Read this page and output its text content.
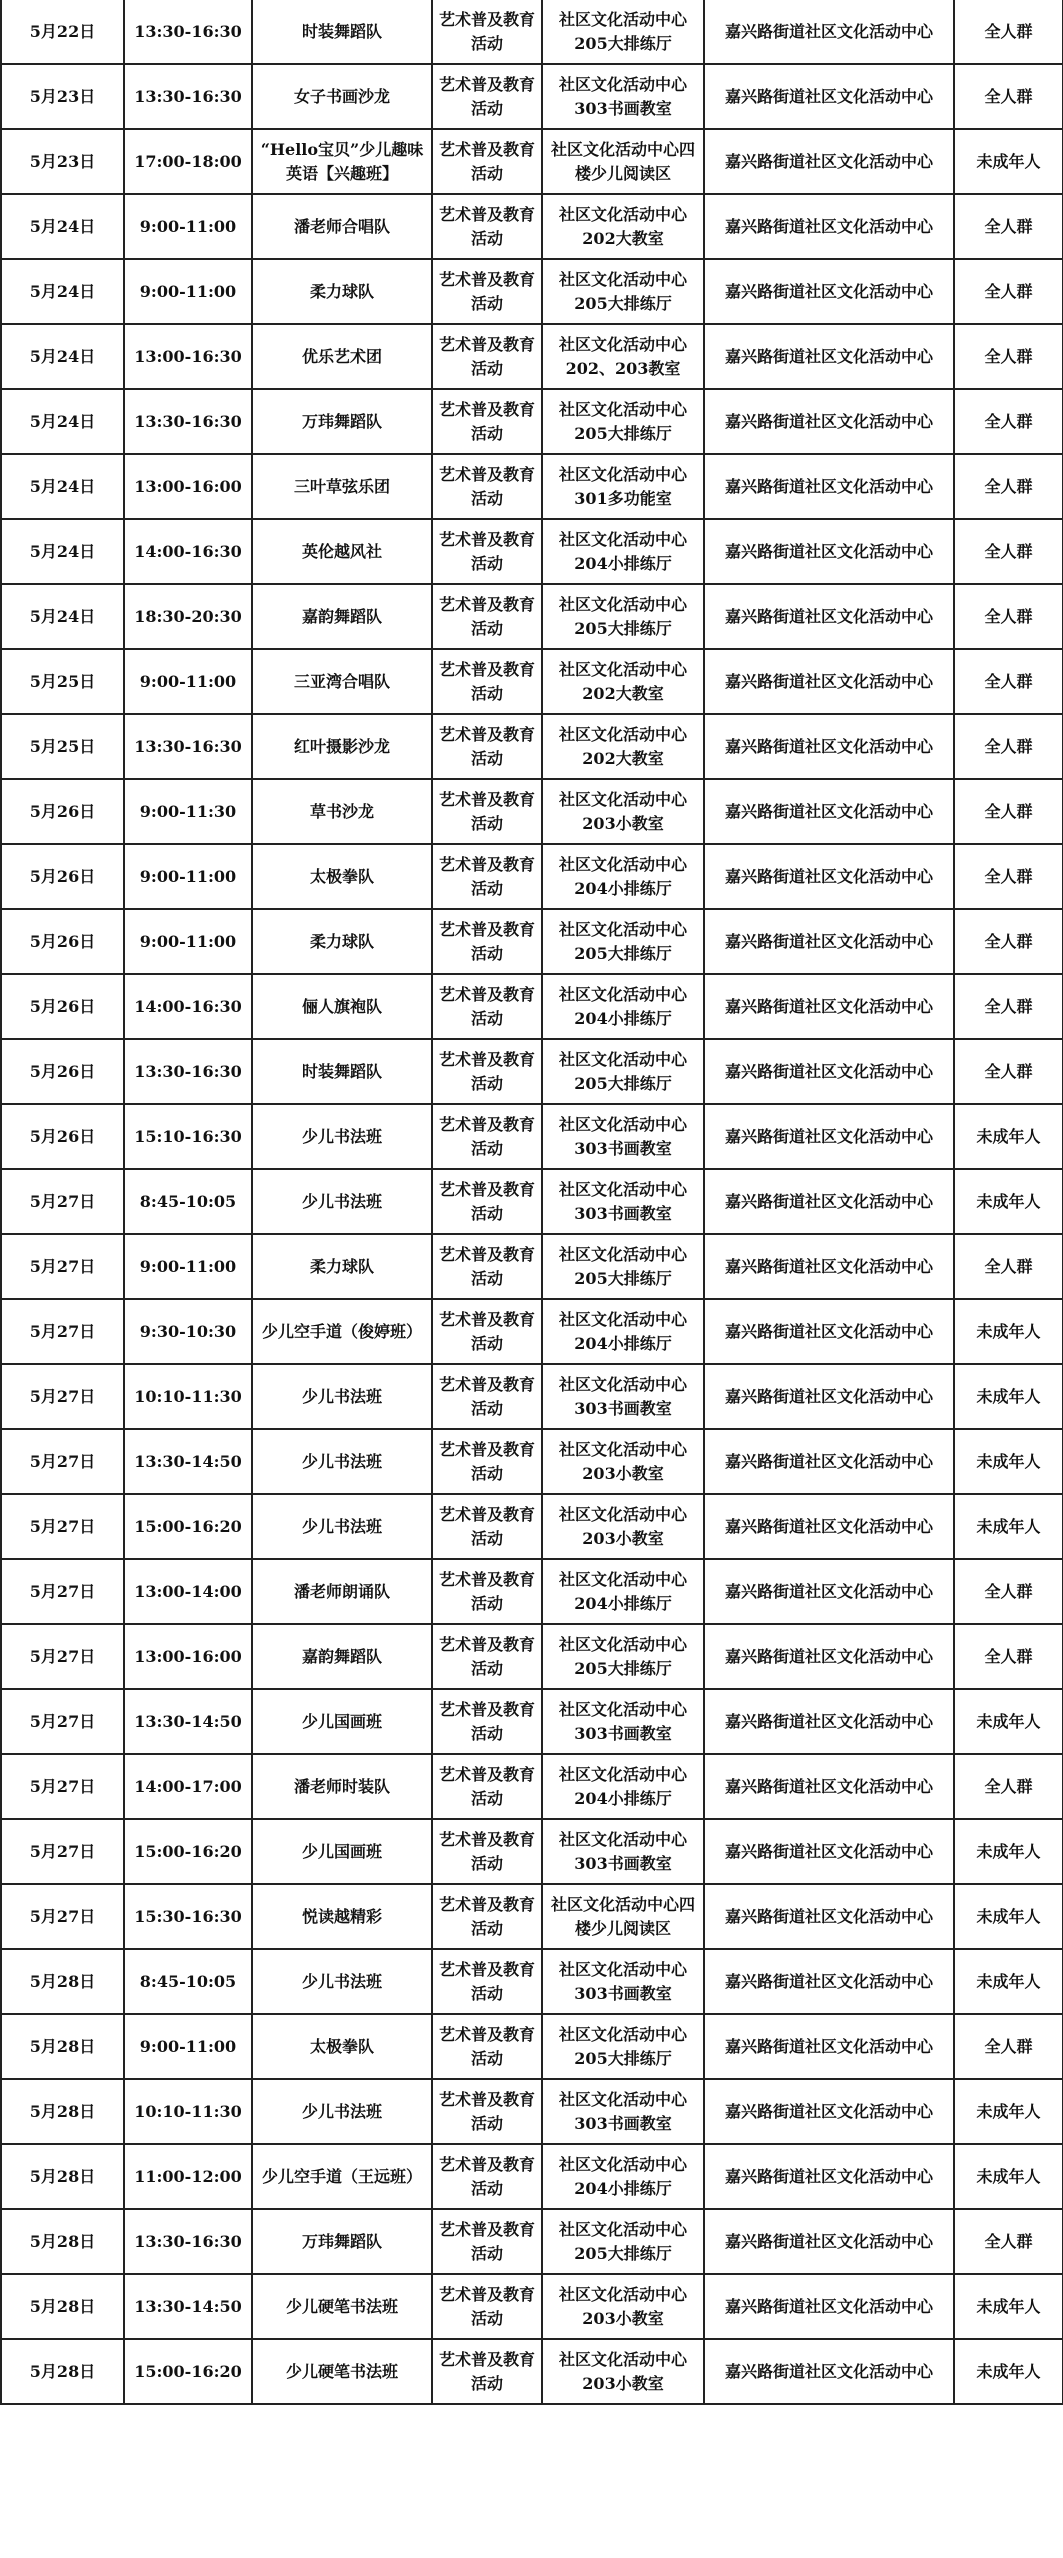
5月22日	13:30-16:30	时装舞蹈队	艺术普及教育活动	社区文化活动中心205大排练厅	嘉兴路街道社区文化活动中心	全人群
5月23日	13:30-16:30	女子书画沙龙	艺术普及教育活动	社区文化活动中心303书画教室	嘉兴路街道社区文化活动中心	全人群
5月23日	17:00-18:00	“Hello宝贝”少儿趣味英语【兴趣班】	艺术普及教育活动	社区文化活动中心四楼少儿阅读区	嘉兴路街道社区文化活动中心	未成年人
5月24日	9:00-11:00	潘老师合唱队	艺术普及教育活动	社区文化活动中心202大教室	嘉兴路街道社区文化活动中心	全人群
5月24日	9:00-11:00	柔力球队	艺术普及教育活动	社区文化活动中心205大排练厅	嘉兴路街道社区文化活动中心	全人群
5月24日	13:00-16:30	优乐艺术团	艺术普及教育活动	社区文化活动中心202、203教室	嘉兴路街道社区文化活动中心	全人群
5月24日	13:30-16:30	万玮舞蹈队	艺术普及教育活动	社区文化活动中心205大排练厅	嘉兴路街道社区文化活动中心	全人群
5月24日	13:00-16:00	三叶草弦乐团	艺术普及教育活动	社区文化活动中心301多功能室	嘉兴路街道社区文化活动中心	全人群
5月24日	14:00-16:30	英伦越风社	艺术普及教育活动	社区文化活动中心204小排练厅	嘉兴路街道社区文化活动中心	全人群
5月24日	18:30-20:30	嘉韵舞蹈队	艺术普及教育活动	社区文化活动中心205大排练厅	嘉兴路街道社区文化活动中心	全人群
5月25日	9:00-11:00	三亚湾合唱队	艺术普及教育活动	社区文化活动中心202大教室	嘉兴路街道社区文化活动中心	全人群
5月25日	13:30-16:30	红叶摄影沙龙	艺术普及教育活动	社区文化活动中心202大教室	嘉兴路街道社区文化活动中心	全人群
5月26日	9:00-11:30	草书沙龙	艺术普及教育活动	社区文化活动中心203小教室	嘉兴路街道社区文化活动中心	全人群
5月26日	9:00-11:00	太极拳队	艺术普及教育活动	社区文化活动中心204小排练厅	嘉兴路街道社区文化活动中心	全人群
5月26日	9:00-11:00	柔力球队	艺术普及教育活动	社区文化活动中心205大排练厅	嘉兴路街道社区文化活动中心	全人群
5月26日	14:00-16:30	俪人旗袍队	艺术普及教育活动	社区文化活动中心204小排练厅	嘉兴路街道社区文化活动中心	全人群
5月26日	13:30-16:30	时装舞蹈队	艺术普及教育活动	社区文化活动中心205大排练厅	嘉兴路街道社区文化活动中心	全人群
5月26日	15:10-16:30	少儿书法班	艺术普及教育活动	社区文化活动中心303书画教室	嘉兴路街道社区文化活动中心	未成年人
5月27日	8:45-10:05	少儿书法班	艺术普及教育活动	社区文化活动中心303书画教室	嘉兴路街道社区文化活动中心	未成年人
5月27日	9:00-11:00	柔力球队	艺术普及教育活动	社区文化活动中心205大排练厅	嘉兴路街道社区文化活动中心	全人群
5月27日	9:30-10:30	少儿空手道（俊婷班）	艺术普及教育活动	社区文化活动中心204小排练厅	嘉兴路街道社区文化活动中心	未成年人
5月27日	10:10-11:30	少儿书法班	艺术普及教育活动	社区文化活动中心303书画教室	嘉兴路街道社区文化活动中心	未成年人
5月27日	13:30-14:50	少儿书法班	艺术普及教育活动	社区文化活动中心203小教室	嘉兴路街道社区文化活动中心	未成年人
5月27日	15:00-16:20	少儿书法班	艺术普及教育活动	社区文化活动中心203小教室	嘉兴路街道社区文化活动中心	未成年人
5月27日	13:00-14:00	潘老师朗诵队	艺术普及教育活动	社区文化活动中心204小排练厅	嘉兴路街道社区文化活动中心	全人群
5月27日	13:00-16:00	嘉韵舞蹈队	艺术普及教育活动	社区文化活动中心205大排练厅	嘉兴路街道社区文化活动中心	全人群
5月27日	13:30-14:50	少儿国画班	艺术普及教育活动	社区文化活动中心303书画教室	嘉兴路街道社区文化活动中心	未成年人
5月27日	14:00-17:00	潘老师时装队	艺术普及教育活动	社区文化活动中心204小排练厅	嘉兴路街道社区文化活动中心	全人群
5月27日	15:00-16:20	少儿国画班	艺术普及教育活动	社区文化活动中心303书画教室	嘉兴路街道社区文化活动中心	未成年人
5月27日	15:30-16:30	悦读越精彩	艺术普及教育活动	社区文化活动中心四楼少儿阅读区	嘉兴路街道社区文化活动中心	未成年人
5月28日	8:45-10:05	少儿书法班	艺术普及教育活动	社区文化活动中心303书画教室	嘉兴路街道社区文化活动中心	未成年人
5月28日	9:00-11:00	太极拳队	艺术普及教育活动	社区文化活动中心205大排练厅	嘉兴路街道社区文化活动中心	全人群
5月28日	10:10-11:30	少儿书法班	艺术普及教育活动	社区文化活动中心303书画教室	嘉兴路街道社区文化活动中心	未成年人
5月28日	11:00-12:00	少儿空手道（王远班）	艺术普及教育活动	社区文化活动中心204小排练厅	嘉兴路街道社区文化活动中心	未成年人
5月28日	13:30-16:30	万玮舞蹈队	艺术普及教育活动	社区文化活动中心205大排练厅	嘉兴路街道社区文化活动中心	全人群
5月28日	13:30-14:50	少儿硬笔书法班	艺术普及教育活动	社区文化活动中心203小教室	嘉兴路街道社区文化活动中心	未成年人
5月28日	15:00-16:20	少儿硬笔书法班	艺术普及教育活动	社区文化活动中心203小教室	嘉兴路街道社区文化活动中心	未成年人
